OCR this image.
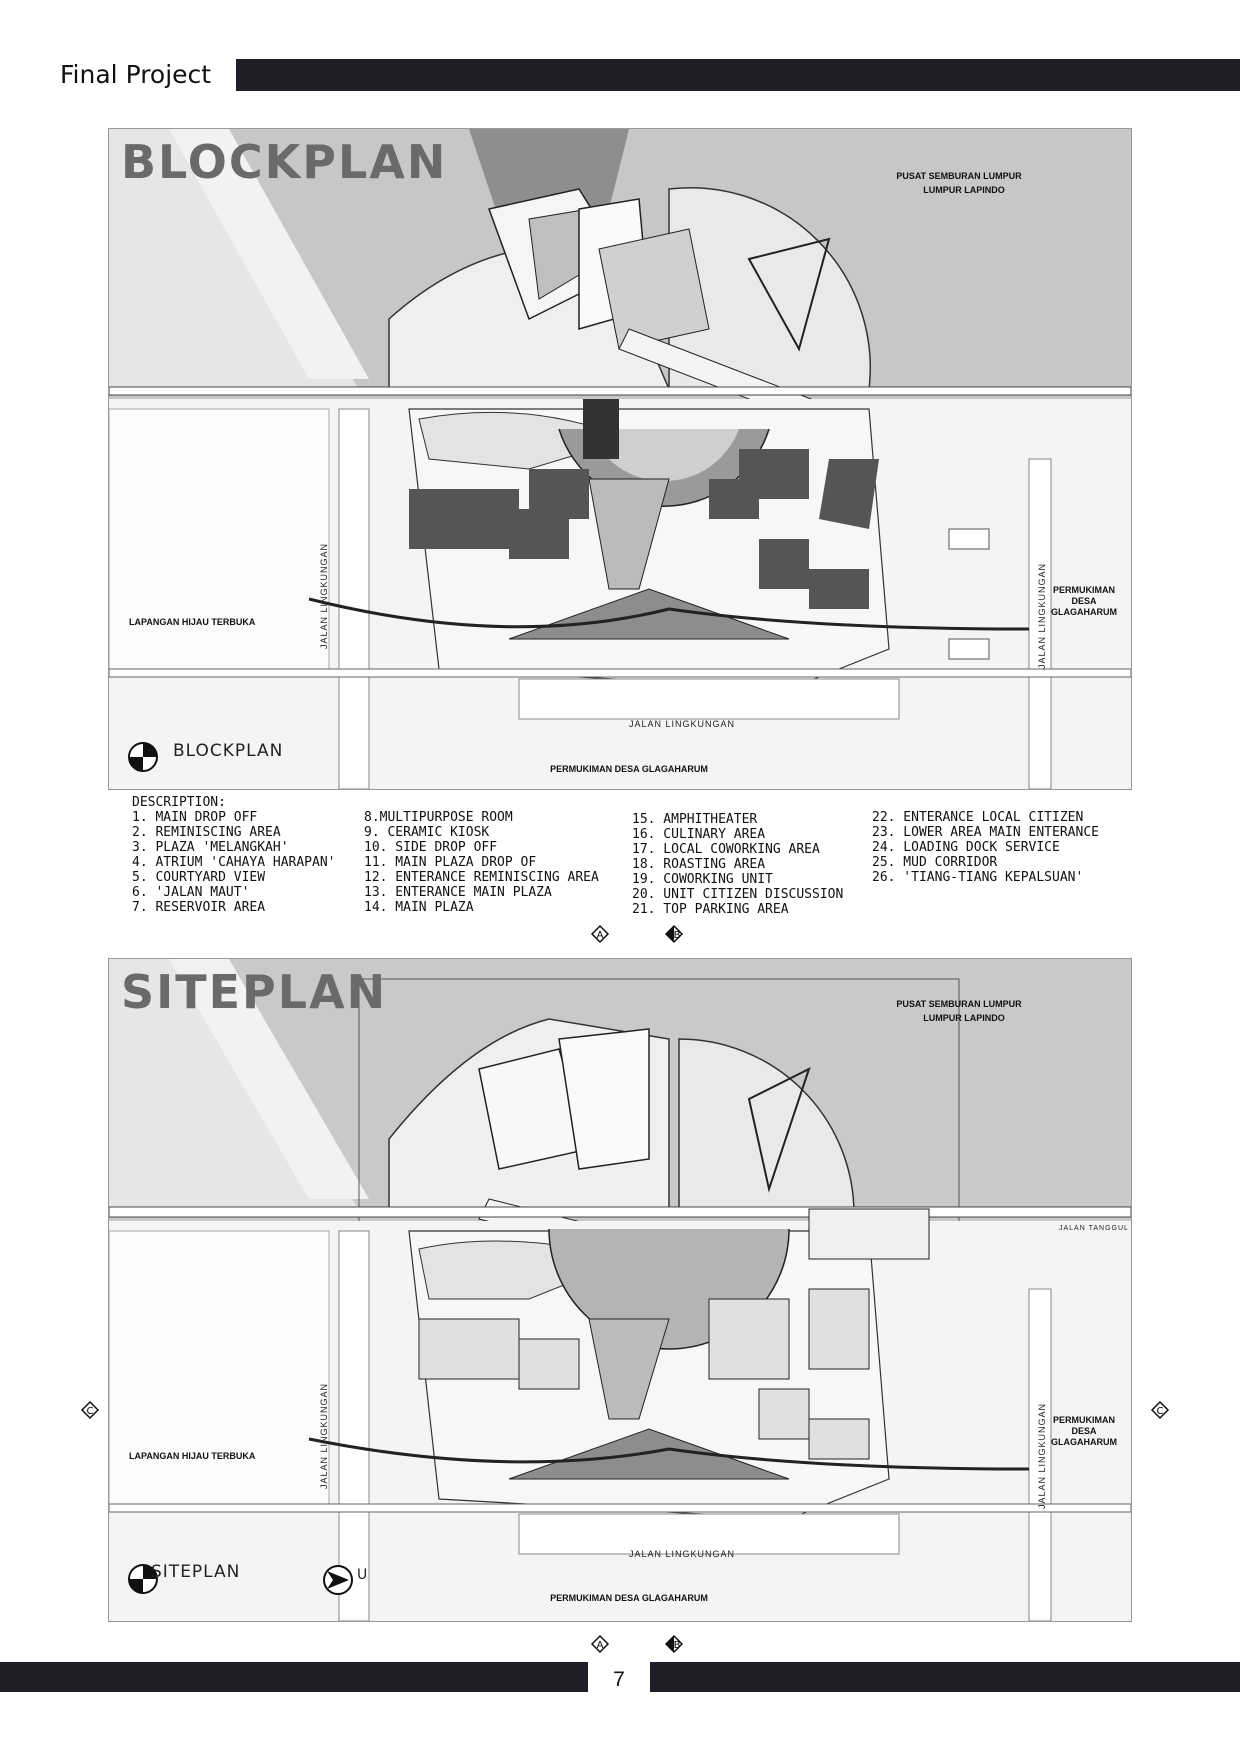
Final Project
BLOCKPLAN	PUSAT SEMBURAN LUMPUR
LUMPUR LAPINDO
LAPANGAN HIJAU TERBUKA	JALAN LINGKUNGAN	JALAN LINGKUNGAN
JALAN LINGKUNGAN
PERMUKIMAN
DESA
GLAGAHARUM
PERMUKIMAN DESA GLAGAHARUM
BLOCKPLAN
DESCRIPTION:
1. MAIN DROP OFF
2. REMINISCING AREA
3. PLAZA 'MELANGKAH'
4. ATRIUM 'CAHAYA HARAPAN'
5. COURTYARD VIEW
6. 'JALAN MAUT'
7. RESERVOIR AREA
8.MULTIPURPOSE ROOM
9. CERAMIC KIOSK
10. SIDE DROP OFF
11. MAIN PLAZA DROP OF
12. ENTERANCE REMINISCING AREA
13. ENTERANCE MAIN PLAZA
14. MAIN PLAZA
15. AMPHITHEATER
16. CULINARY AREA
17. LOCAL COWORKING AREA
18. ROASTING AREA
19. COWORKING UNIT
20. UNIT CITIZEN DISCUSSION
21. TOP PARKING AREA
22. ENTERANCE LOCAL CITIZEN
23. LOWER AREA MAIN ENTERANCE
24. LOADING DOCK SERVICE
25. MUD CORRIDOR
26. 'TIANG-TIANG KEPALSUAN'
A	B
SITEPLAN	PUSAT SEMBURAN LUMPUR
LUMPUR LAPINDO
JALAN TANGGUL
LAPANGAN HIJAU TERBUKA	JALAN LINGKUNGAN	JALAN LINGKUNGAN
JALAN LINGKUNGAN
PERMUKIMAN
DESA
GLAGAHARUM
PERMUKIMAN DESA GLAGAHARUM
SITEPLAN	U
C	C
A	B
7
